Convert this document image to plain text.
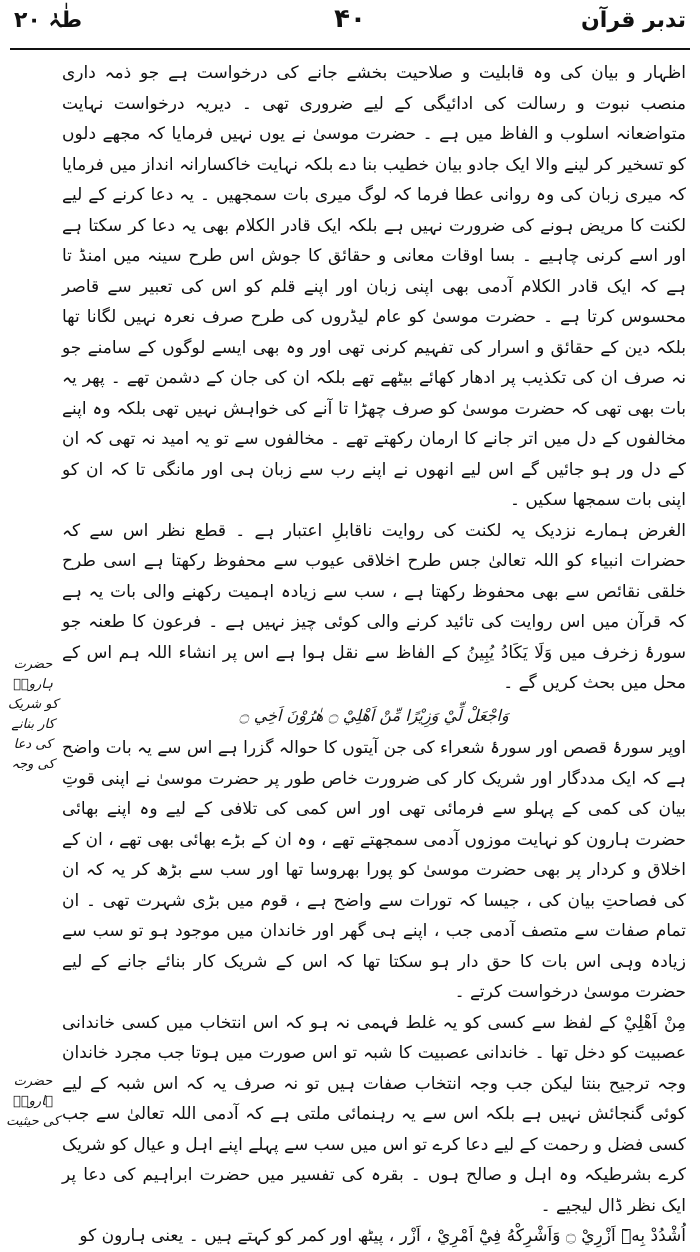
طٰہٰ ۲۰	۴۰	تدبر قرآن

اظہار و بیان کی وہ قابلیت و صلاحیت بخشے جانے کی درخواست ہے جو ذمہ داری منصب نبوت و رسالت کی ادائیگی کے لیے ضروری تھی ۔ دیریہ درخواست نہایت متواضعانہ اسلوب و الفاظ میں ہے ۔ حضرت موسیٰ نے یوں نہیں فرمایا کہ مجھے دلوں کو تسخیر کر لینے والا ایک جادو بیان خطیب بنا دے بلکہ نہایت خاکسارانہ انداز میں فرمایا کہ میری زبان کی وہ روانی عطا فرما کہ لوگ میری بات سمجھیں ۔ یہ دعا کرنے کے لیے لکنت کا مریض ہونے کی ضرورت نہیں ہے بلکہ ایک قادر الکلام بھی یہ دعا کر سکتا ہے اور اسے کرنی چاہیے ۔ بسا اوقات معانی و حقائق کا جوش اس طرح سینہ میں امنڈ تا ہے کہ ایک قادر الکلام آدمی بھی اپنی زبان اور اپنے قلم کو اس کی تعبیر سے قاصر محسوس کرتا ہے ۔ حضرت موسیٰ کو عام لیڈروں کی طرح صرف نعرہ نہیں لگانا تھا بلکہ دین کے حقائق و اسرار کی تفہیم کرنی تھی اور وہ بھی ایسے لوگوں کے سامنے جو نہ صرف ان کی تکذیب پر ادھار کھائے بیٹھے تھے بلکہ ان کی جان کے دشمن تھے ۔ پھر یہ بات بھی تھی کہ حضرت موسیٰ کو صرف چھڑا تا آنے کی خواہش نہیں تھی بلکہ وہ اپنے مخالفوں کے دل میں اتر جانے کا ارمان رکھتے تھے ۔ مخالفوں سے تو یہ امید نہ تھی کہ ان کے دل ور ہو جائیں گے اس لیے انھوں نے اپنے رب سے زبان ہی اور مانگی تا کہ ان کو اپنی بات سمجھا سکیں ۔

الغرض ہمارے نزدیک یہ لکنت کی روایت ناقابلِ اعتبار ہے ۔ قطع نظر اس سے کہ حضرات انبیاء کو اللہ تعالیٰ جس طرح اخلاقی عیوب سے محفوظ رکھتا ہے اسی طرح خلقی نقائص سے بھی محفوظ رکھتا ہے ، سب سے زیادہ اہمیت رکھنے والی بات یہ ہے کہ قرآن میں اس روایت کی تائید کرنے والی کوئی چیز نہیں ہے ۔ فرعون کا طعنہ جو سورۂ زخرف میں وَلَا يَكَادُ يُبِينُ کے الفاظ سے نقل ہوا ہے اس پر انشاء اللہ ہم اس کے محل میں بحث کریں گے ۔

وَاجْعَلْ لِّيْ وَزِيْرًا مِّنْ اَهْلِيْ ۝ هٰرُوْنَ اَخِي ۝

اوپر سورۂ قصص اور سورۂ شعراء کی جن آیتوں کا حوالہ گزرا ہے اس سے یہ بات واضح ہے کہ ایک مددگار اور شریک کار کی ضرورت خاص طور پر حضرت موسیٰ نے اپنی قوتِ بیان کی کمی کے پہلو سے فرمائی تھی اور اس کمی کی تلافی کے لیے وہ اپنے بھائی حضرت ہارون کو نہایت موزوں آدمی سمجھتے تھے ، وہ ان کے بڑے بھائی بھی تھے ، ان کے اخلاق و کردار پر بھی حضرت موسیٰ کو پورا بھروسا تھا اور سب سے بڑھ کر یہ کہ ان کی فصاحتِ بیان کی ، جیسا کہ تورات سے واضح ہے ، قوم میں بڑی شہرت تھی ۔ ان تمام صفات سے متصف آدمی جب ، اپنے ہی گھر اور خاندان میں موجود ہو تو سب سے زیادہ وہی اس بات کا حق دار ہو سکتا تھا کہ اس کے شریک کار بنائے جانے کے لیے حضرت موسیٰ درخواست کرتے ۔

مِنْ اَهْلِيْ کے لفظ سے کسی کو یہ غلط فہمی نہ ہو کہ اس انتخاب میں کسی خاندانی عصبیت کو دخل تھا ۔ خاندانی عصبیت کا شبہ تو اس صورت میں ہوتا جب مجرد خاندان وجہ ترجیح بنتا لیکن جب وجہ انتخاب صفات ہیں تو نہ صرف یہ کہ اس شبہ کے لیے کوئی گنجائش نہیں ہے بلکہ اس سے یہ رہنمائی ملتی ہے کہ آدمی اللہ تعالیٰ سے جب کسی فضل و رحمت کے لیے دعا کرے تو اس میں سب سے پہلے اپنے اہل و عیال کو شریک کرے بشرطیکہ وہ اہل و صالح ہوں ۔ بقرہ کی تفسیر میں حضرت ابراہیم کی دعا پر ایک نظر ڈال لیجیے ۔

اُشْدُدْ بِهٖٓ اَزْرِيْ ۝ وَاَشْرِكْهُ فِيْٓ اَمْرِيْ ، اَزْر ، پیٹھ اور کمر کو کہتے ہیں ۔ یعنی ہارون کو

حضرت ہارونؑ کو شریک کار بنانے کی دعا کی وجہ
حضرت ہارونؑ کی حیثیت
